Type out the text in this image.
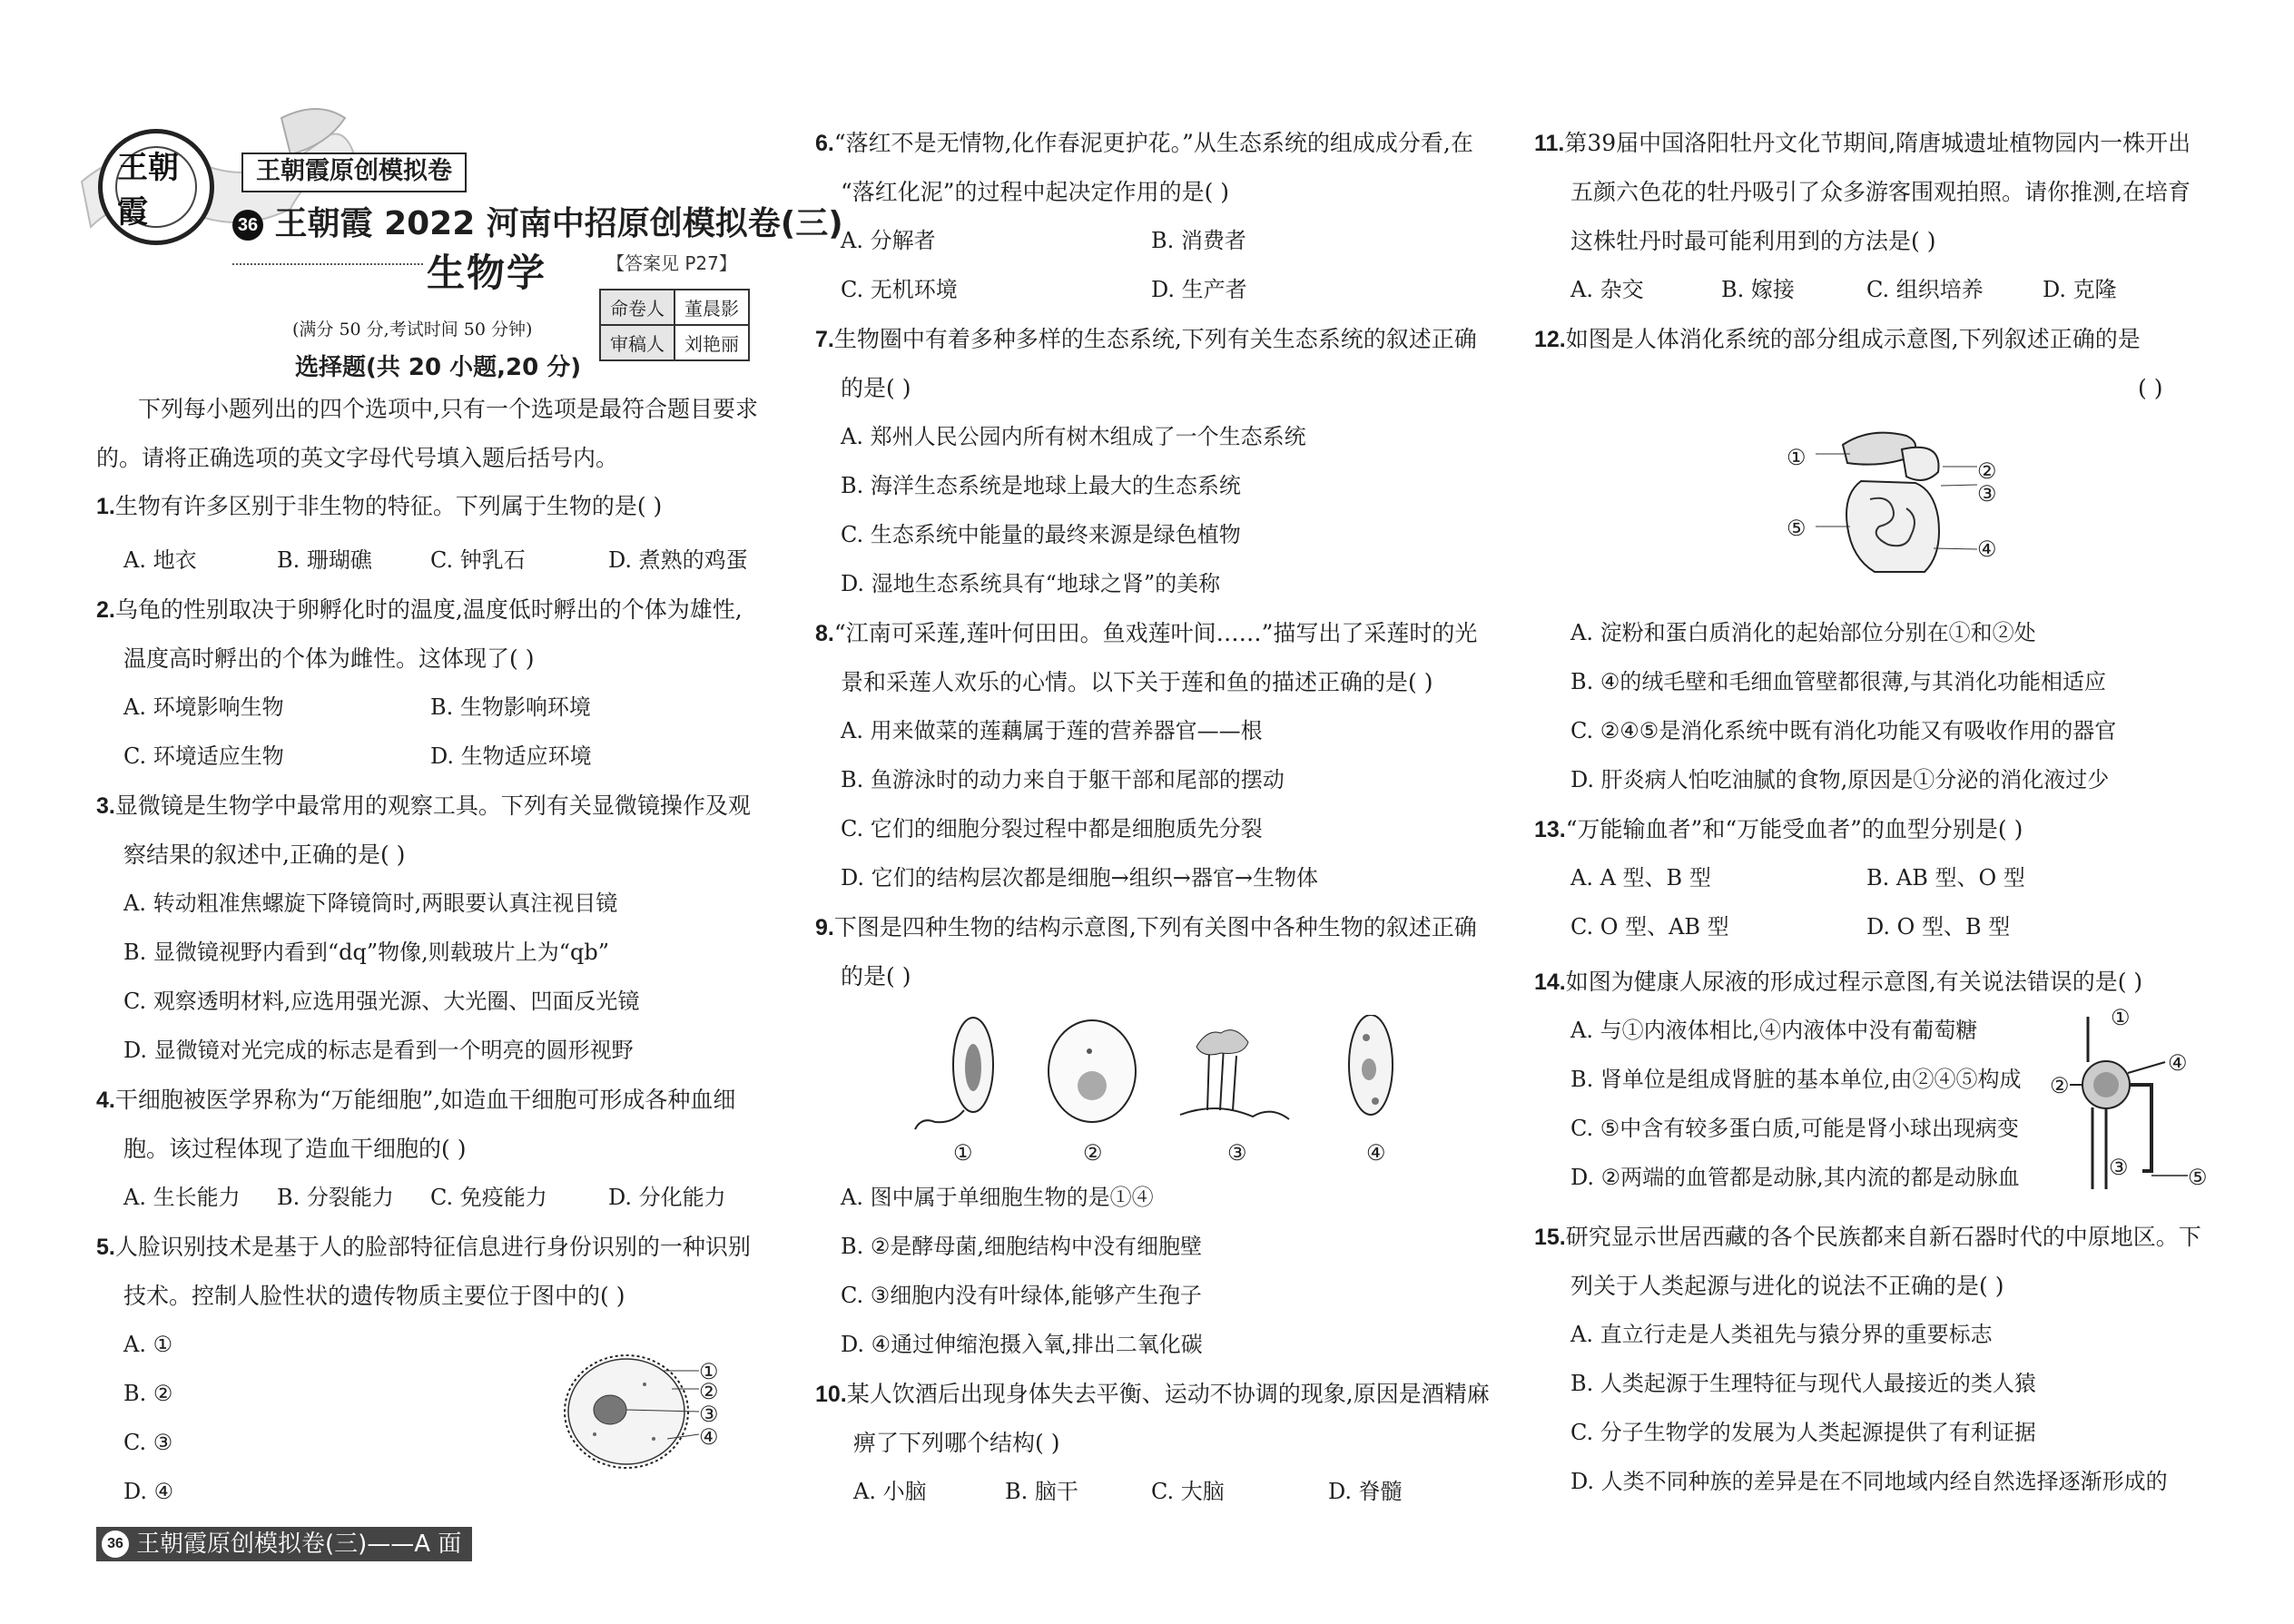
王朝霞
王朝霞原创模拟卷
36 王朝霞 2022 河南中招原创模拟卷(三)
生物学	【答案见 P27】
命卷人	董晨影
审稿人	刘艳丽
(满分 50 分,考试时间 50 分钟)
选择题(共 20 小题,20 分)
下列每小题列出的四个选项中,只有一个选项是最符合题目要求
的。请将正确选项的英文字母代号填入题后括号内。
1.生物有许多区别于非生物的特征。下列属于生物的是( )
A. 地衣	B. 珊瑚礁	C. 钟乳石	D. 煮熟的鸡蛋
2.乌龟的性别取决于卵孵化时的温度,温度低时孵出的个体为雄性,
温度高时孵出的个体为雌性。这体现了( )
A. 环境影响生物	B. 生物影响环境
C. 环境适应生物	D. 生物适应环境
3.显微镜是生物学中最常用的观察工具。下列有关显微镜操作及观
察结果的叙述中,正确的是( )
A. 转动粗准焦螺旋下降镜筒时,两眼要认真注视目镜
B. 显微镜视野内看到“dq”物像,则载玻片上为“qb”
C. 观察透明材料,应选用强光源、大光圈、凹面反光镜
D. 显微镜对光完成的标志是看到一个明亮的圆形视野
4.干细胞被医学界称为“万能细胞”,如造血干细胞可形成各种血细
胞。该过程体现了造血干细胞的( )
A. 生长能力 B. 分裂能力 C. 免疫能力	D. 分化能力
5.人脸识别技术是基于人的脸部特征信息进行身份识别的一种识别
技术。控制人脸性状的遗传物质主要位于图中的( )
A. ①
B. ②
C. ③
D. ④
①
②
③
④
36 王朝霞原创模拟卷(三)——A 面
6.“落红不是无情物,化作春泥更护花。”从生态系统的组成成分看,在
“落红化泥”的过程中起决定作用的是( )
A. 分解者	B. 消费者
C. 无机环境	D. 生产者
7.生物圈中有着多种多样的生态系统,下列有关生态系统的叙述正确
的是( )
A. 郑州人民公园内所有树木组成了一个生态系统
B. 海洋生态系统是地球上最大的生态系统
C. 生态系统中能量的最终来源是绿色植物
D. 湿地生态系统具有“地球之肾”的美称
8.“江南可采莲,莲叶何田田。鱼戏莲叶间……”描写出了采莲时的光
景和采莲人欢乐的心情。以下关于莲和鱼的描述正确的是( )
A. 用来做菜的莲藕属于莲的营养器官——根
B. 鱼游泳时的动力来自于躯干部和尾部的摆动
C. 它们的细胞分裂过程中都是细胞质先分裂
D. 它们的结构层次都是细胞→组织→器官→生物体
9.下图是四种生物的结构示意图,下列有关图中各种生物的叙述正确
的是( )
①	②	③	④
A. 图中属于单细胞生物的是①④
B. ②是酵母菌,细胞结构中没有细胞壁
C. ③细胞内没有叶绿体,能够产生孢子
D. ④通过伸缩泡摄入氧,排出二氧化碳
10.某人饮酒后出现身体失去平衡、运动不协调的现象,原因是酒精麻
痹了下列哪个结构( )
A. 小脑	B. 脑干	C. 大脑	D. 脊髓
11.第39届中国洛阳牡丹文化节期间,隋唐城遗址植物园内一株开出
五颜六色花的牡丹吸引了众多游客围观拍照。请你推测,在培育
这株牡丹时最可能利用到的方法是( )
A. 杂交	B. 嫁接	C. 组织培养	D. 克隆
12.如图是人体消化系统的部分组成示意图,下列叙述正确的是
( )
①
②
③
④
⑤
A. 淀粉和蛋白质消化的起始部位分别在①和②处
B. ④的绒毛壁和毛细血管壁都很薄,与其消化功能相适应
C. ②④⑤是消化系统中既有消化功能又有吸收作用的器官
D. 肝炎病人怕吃油腻的食物,原因是①分泌的消化液过少
13.“万能输血者”和“万能受血者”的血型分别是( )
A. A 型、B 型	B. AB 型、O 型
C. O 型、AB 型	D. O 型、B 型
14.如图为健康人尿液的形成过程示意图,有关说法错误的是( )
A. 与①内液体相比,④内液体中没有葡萄糖
B. 肾单位是组成肾脏的基本单位,由②④⑤构成
C. ⑤中含有较多蛋白质,可能是肾小球出现病变
D. ②两端的血管都是动脉,其内流的都是动脉血
①
②
③
④
⑤
15.研究显示世居西藏的各个民族都来自新石器时代的中原地区。下
列关于人类起源与进化的说法不正确的是( )
A. 直立行走是人类祖先与猿分界的重要标志
B. 人类起源于生理特征与现代人最接近的类人猿
C. 分子生物学的发展为人类起源提供了有利证据
D. 人类不同种族的差异是在不同地域内经自然选择逐渐形成的
